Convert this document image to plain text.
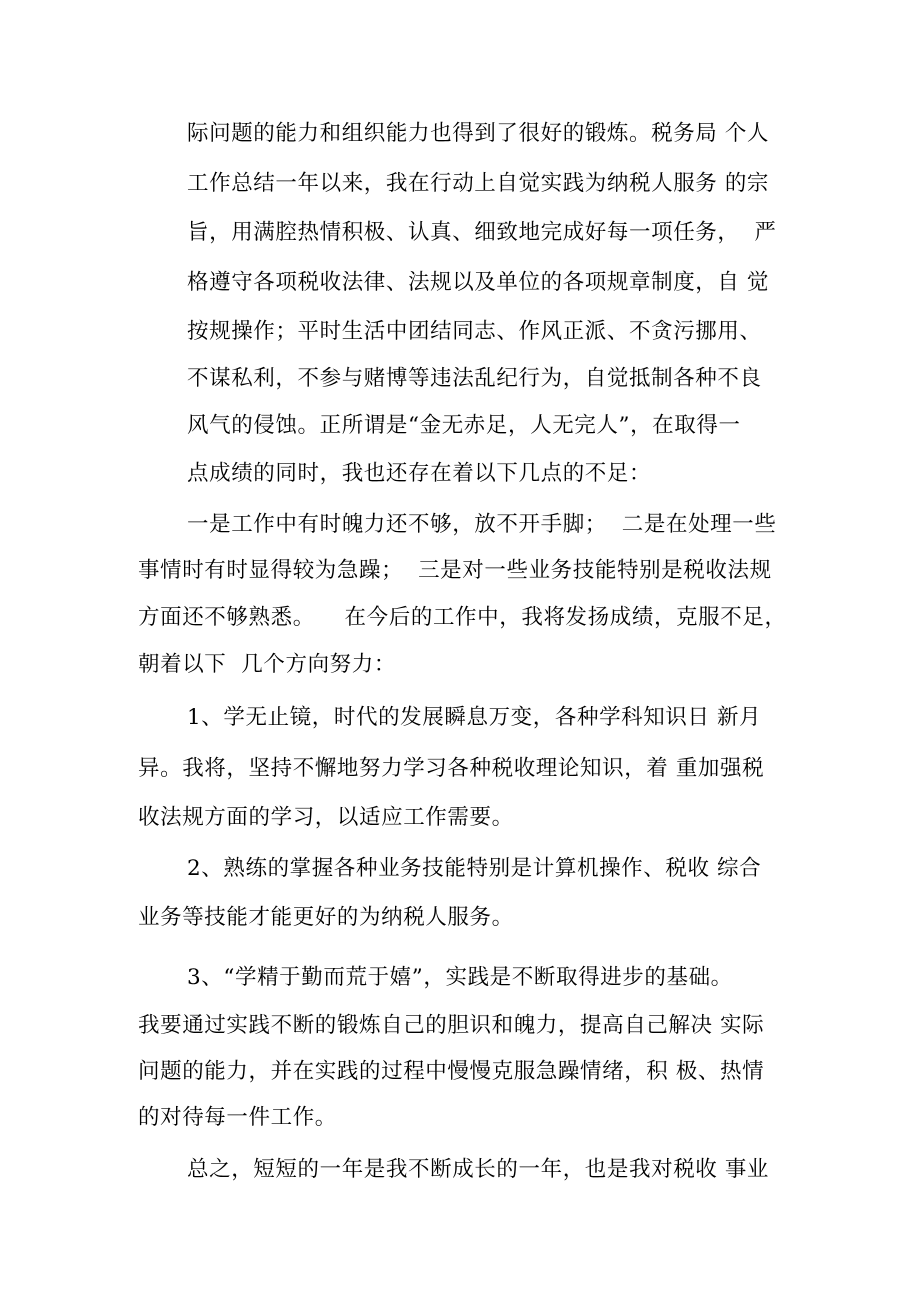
际问题的能力和组织能力也得到了很好的锻炼。税务局 个人

工作总结一年以来，我在行动上自觉实践为纳税人服务 的宗

旨，用满腔热情积极、认真、细致地完成好每一项任务，  严

格遵守各项税收法律、法规以及单位的各项规章制度，自 觉

按规操作；平时生活中团结同志、作风正派、不贪污挪用、

不谋私利，不参与赌博等违法乱纪行为，自觉抵制各种不良

风气的侵蚀。正所谓是“金无赤足，人无完人”，在取得一

点成绩的同时，我也还存在着以下几点的不足：

一是工作中有时魄力还不够，放不开手脚；  二是在处理一些

事情时有时显得较为急躁；  三是对一些业务技能特别是税收法规

方面还不够熟悉。    在今后的工作中，我将发扬成绩，克服不足，

朝着以下  几个方向努力：

1、学无止镜，时代的发展瞬息万变，各种学科知识日 新月

异。我将，坚持不懈地努力学习各种税收理论知识，着 重加强税

收法规方面的学习，以适应工作需要。

2、熟练的掌握各种业务技能特别是计算机操作、税收 综合

业务等技能才能更好的为纳税人服务。

3、“学精于勤而荒于嬉”，实践是不断取得进步的基础。

我要通过实践不断的锻炼自己的胆识和魄力，提高自己解决 实际

问题的能力，并在实践的过程中慢慢克服急躁情绪，积 极、热情

的对待每一件工作。

总之，短短的一年是我不断成长的一年，也是我对税收 事业
